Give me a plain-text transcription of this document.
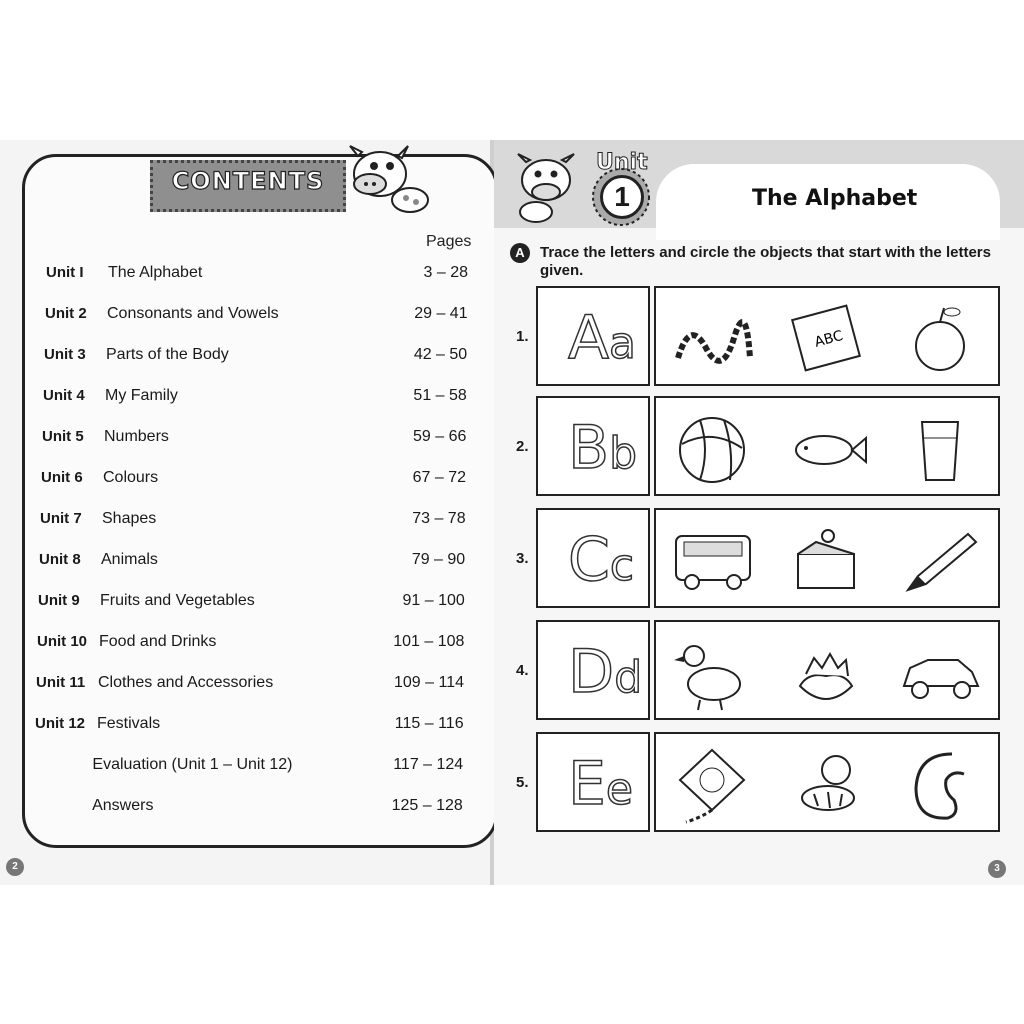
CONTENTS
Pages
Unit I The Alphabet	3 – 28
Unit 2 Consonants and Vowels	29 – 41
Unit 3 Parts of the Body	42 – 50
Unit 4 My Family	51 – 58
Unit 5 Numbers	59 – 66
Unit 6 Colours	67 – 72
Unit 7 Shapes	73 – 78
Unit 8 Animals	79 – 90
Unit 9 Fruits and Vegetables	91 – 100
Unit 10 Food and Drinks	101 – 108
Unit 11 Clothes and Accessories	109 – 114
Unit 12 Festivals	115 – 116
Evaluation (Unit 1 – Unit 12)	117 – 124
Answers	125 – 128
2
Unit
1	The Alphabet
A	Trace the letters and circle the objects that start with the letters given.
1. Aa	ABC
2. Bb
3. Cc
4. Dd
5. Ee
3
